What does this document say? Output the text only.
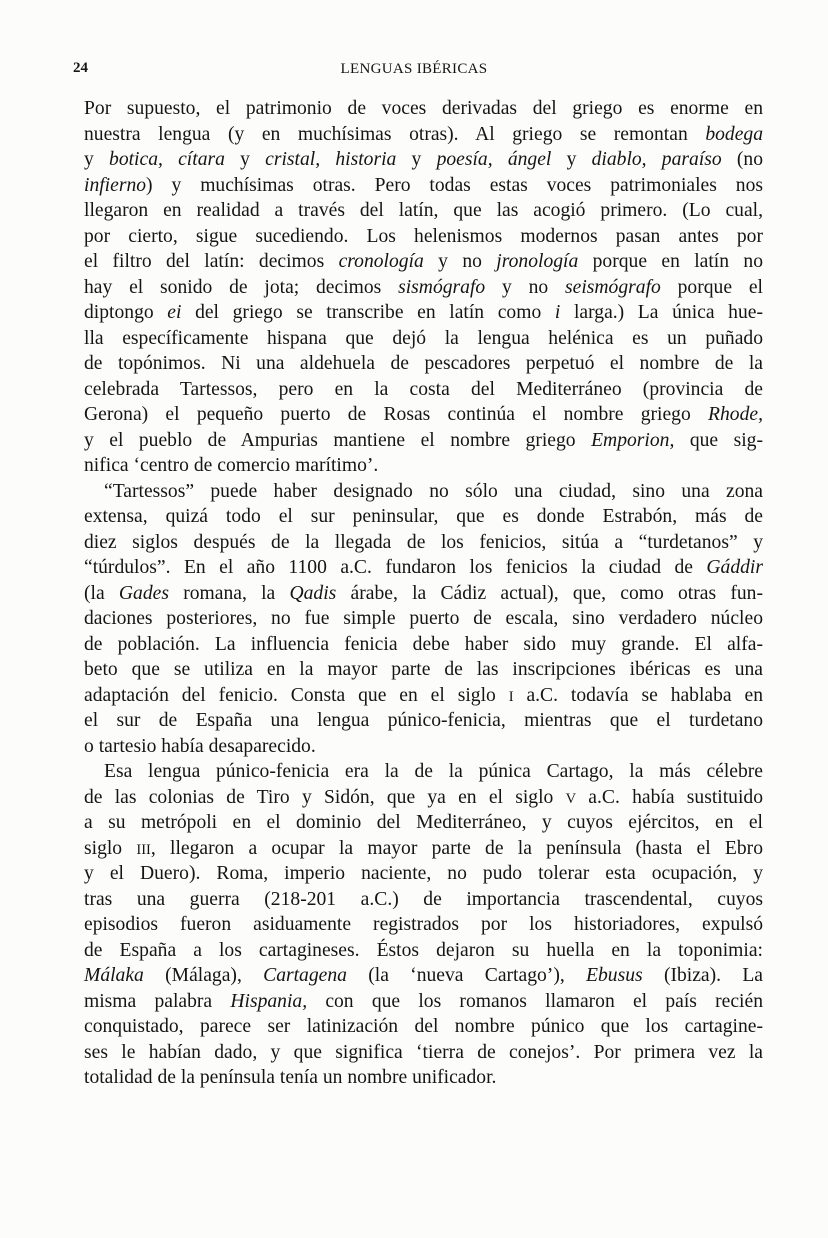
24	LENGUAS IBÉRICAS
Por supuesto, el patrimonio de voces derivadas del griego es enorme en
nuestra lengua (y en muchísimas otras). Al griego se remontan bodega
y botica, cítara y cristal, historia y poesía, ángel y diablo, paraíso (no
infierno) y muchísimas otras. Pero todas estas voces patrimoniales nos
llegaron en realidad a través del latín, que las acogió primero. (Lo cual,
por cierto, sigue sucediendo. Los helenismos modernos pasan antes por
el filtro del latín: decimos cronología y no jronología porque en latín no
hay el sonido de jota; decimos sismógrafo y no seismógrafo porque el
diptongo ei del griego se transcribe en latín como i larga.) La única hue-
lla específicamente hispana que dejó la lengua helénica es un puñado
de topónimos. Ni una aldehuela de pescadores perpetuó el nombre de la
celebrada Tartessos, pero en la costa del Mediterráneo (provincia de
Gerona) el pequeño puerto de Rosas continúa el nombre griego Rhode,
y el pueblo de Ampurias mantiene el nombre griego Emporion, que sig-
nifica ‘centro de comercio marítimo’.
“Tartessos” puede haber designado no sólo una ciudad, sino una zona
extensa, quizá todo el sur peninsular, que es donde Estrabón, más de
diez siglos después de la llegada de los fenicios, sitúa a “turdetanos” y
“túrdulos”. En el año 1100 a.C. fundaron los fenicios la ciudad de Gáddir
(la Gades romana, la Qadis árabe, la Cádiz actual), que, como otras fun-
daciones posteriores, no fue simple puerto de escala, sino verdadero núcleo
de población. La influencia fenicia debe haber sido muy grande. El alfa-
beto que se utiliza en la mayor parte de las inscripciones ibéricas es una
adaptación del fenicio. Consta que en el siglo I a.C. todavía se hablaba en
el sur de España una lengua púnico-fenicia, mientras que el turdetano
o tartesio había desaparecido.
Esa lengua púnico-fenicia era la de la púnica Cartago, la más célebre
de las colonias de Tiro y Sidón, que ya en el siglo V a.C. había sustituido
a su metrópoli en el dominio del Mediterráneo, y cuyos ejércitos, en el
siglo III, llegaron a ocupar la mayor parte de la península (hasta el Ebro
y el Duero). Roma, imperio naciente, no pudo tolerar esta ocupación, y
tras una guerra (218-201 a.C.) de importancia trascendental, cuyos
episodios fueron asiduamente registrados por los historiadores, expulsó
de España a los cartagineses. Éstos dejaron su huella en la toponimia:
Málaka (Málaga), Cartagena (la ‘nueva Cartago’), Ebusus (Ibiza). La
misma palabra Hispania, con que los romanos llamaron el país recién
conquistado, parece ser latinización del nombre púnico que los cartagine-
ses le habían dado, y que significa ‘tierra de conejos’. Por primera vez la
totalidad de la península tenía un nombre unificador.
